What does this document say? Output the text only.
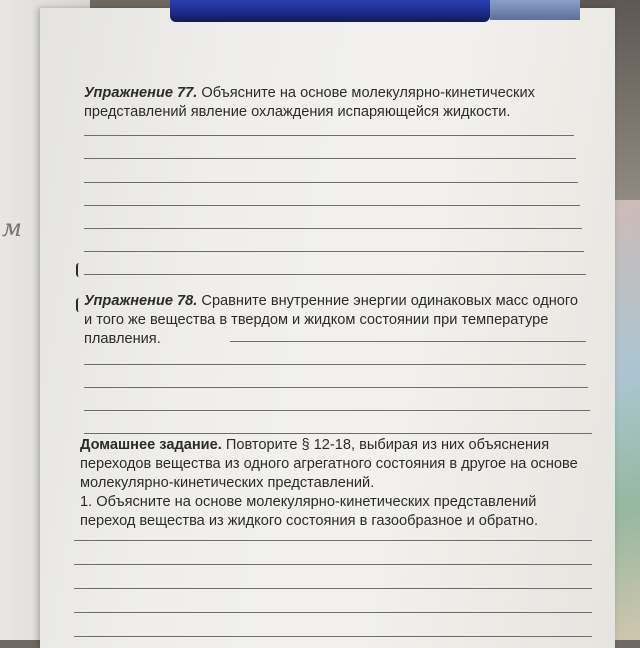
м
Упражнение 77. Объясните на основе молекулярно-кинетических представлений явление охлаждения испаряющейся жидкости.
Упражнение 78. Сравните внутренние энергии одинаковых масс одного и того же вещества в твердом и жидком состоянии при температуре плавления.
Домашнее задание. Повторите § 12-18, выбирая из них объяснения переходов вещества из одного агрегатного состояния в другое на основе молекулярно-кинетических представлений.
1. Объясните на основе молекулярно-кинетических представлений переход вещества из жидкого состояния в газообразное и обратно.
